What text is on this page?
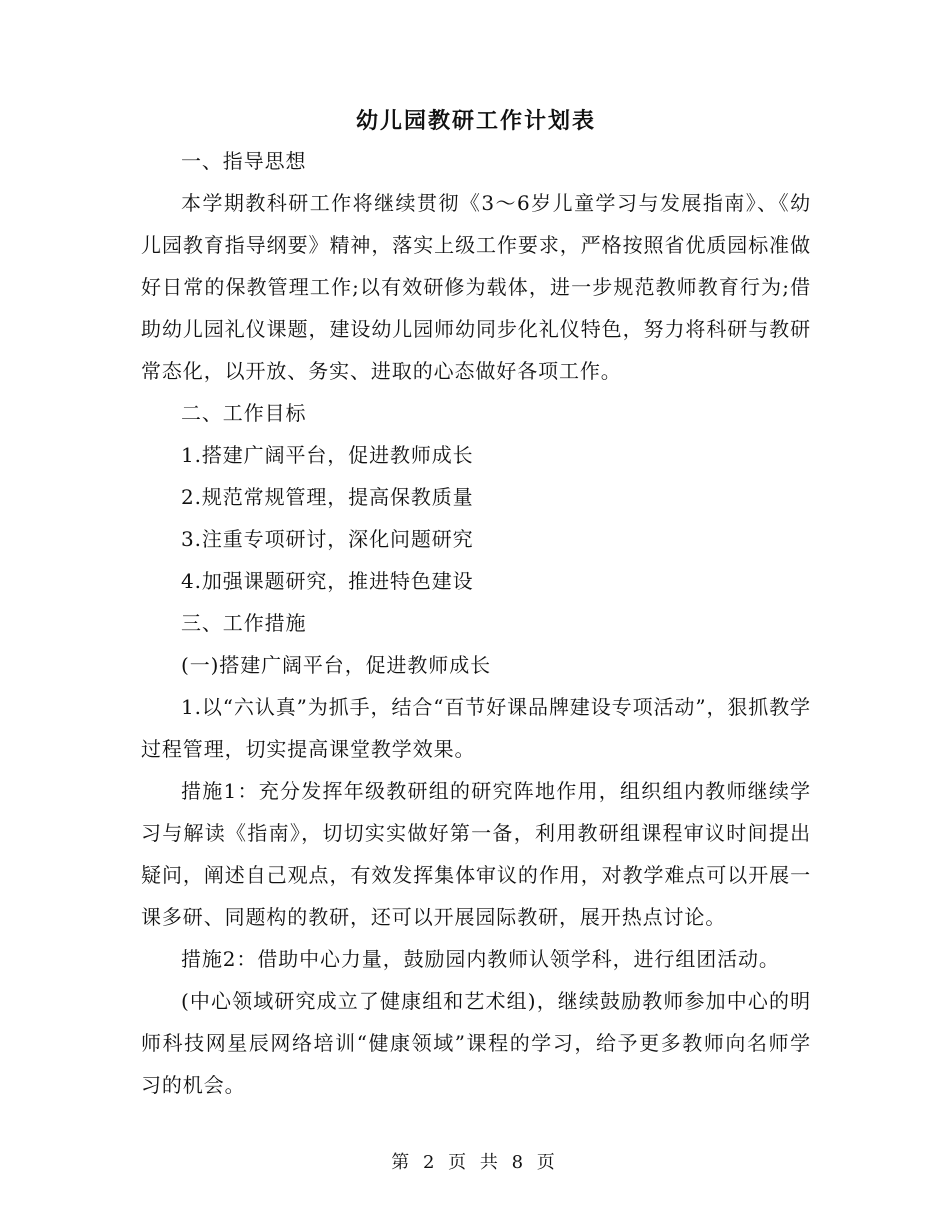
幼儿园教研工作计划表

一、指导思想

本学期教科研工作将继续贯彻《3～6岁儿童学习与发展指南》、《幼儿园教育指导纲要》精神，落实上级工作要求，严格按照省优质园标准做好日常的保教管理工作;以有效研修为载体，进一步规范教师教育行为;借助幼儿园礼仪课题，建设幼儿园师幼同步化礼仪特色，努力将科研与教研常态化，以开放、务实、进取的心态做好各项工作。

二、工作目标

1.搭建广阔平台，促进教师成长

2.规范常规管理，提高保教质量

3.注重专项研讨，深化问题研究

4.加强课题研究，推进特色建设

三、工作措施

(一)搭建广阔平台，促进教师成长

1.以“六认真”为抓手，结合“百节好课品牌建设专项活动”，狠抓教学过程管理，切实提高课堂教学效果。

措施1：充分发挥年级教研组的研究阵地作用，组织组内教师继续学习与解读《指南》，切切实实做好第一备，利用教研组课程审议时间提出疑问，阐述自己观点，有效发挥集体审议的作用，对教学难点可以开展一课多研、同题构的教研，还可以开展园际教研，展开热点讨论。

措施2：借助中心力量，鼓励园内教师认领学科，进行组团活动。

(中心领域研究成立了健康组和艺术组)，继续鼓励教师参加中心的明师科技网星辰网络培训“健康领域”课程的学习，给予更多教师向名师学习的机会。

第 2 页 共 8 页
